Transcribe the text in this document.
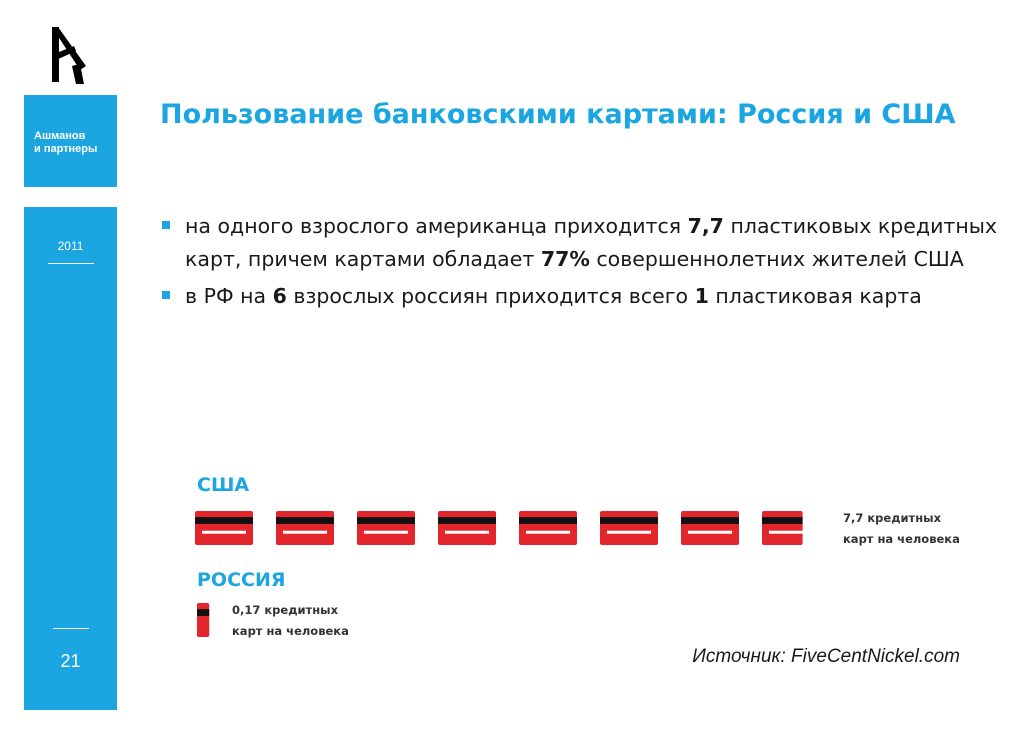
Ашманов
и партнеры
2011
21
Пользование банковскими картами: Россия и США
на одного взрослого американца приходится 7,7 пластиковых кредитных карт, причем картами обладает 77% совершеннолетних жителей США
в РФ на 6 взрослых россиян приходится всего 1 пластиковая карта
США
7,7 кредитных
карт на человека
РОССИЯ
0,17 кредитных
карт на человека
Источник: FiveCentNickel.com
